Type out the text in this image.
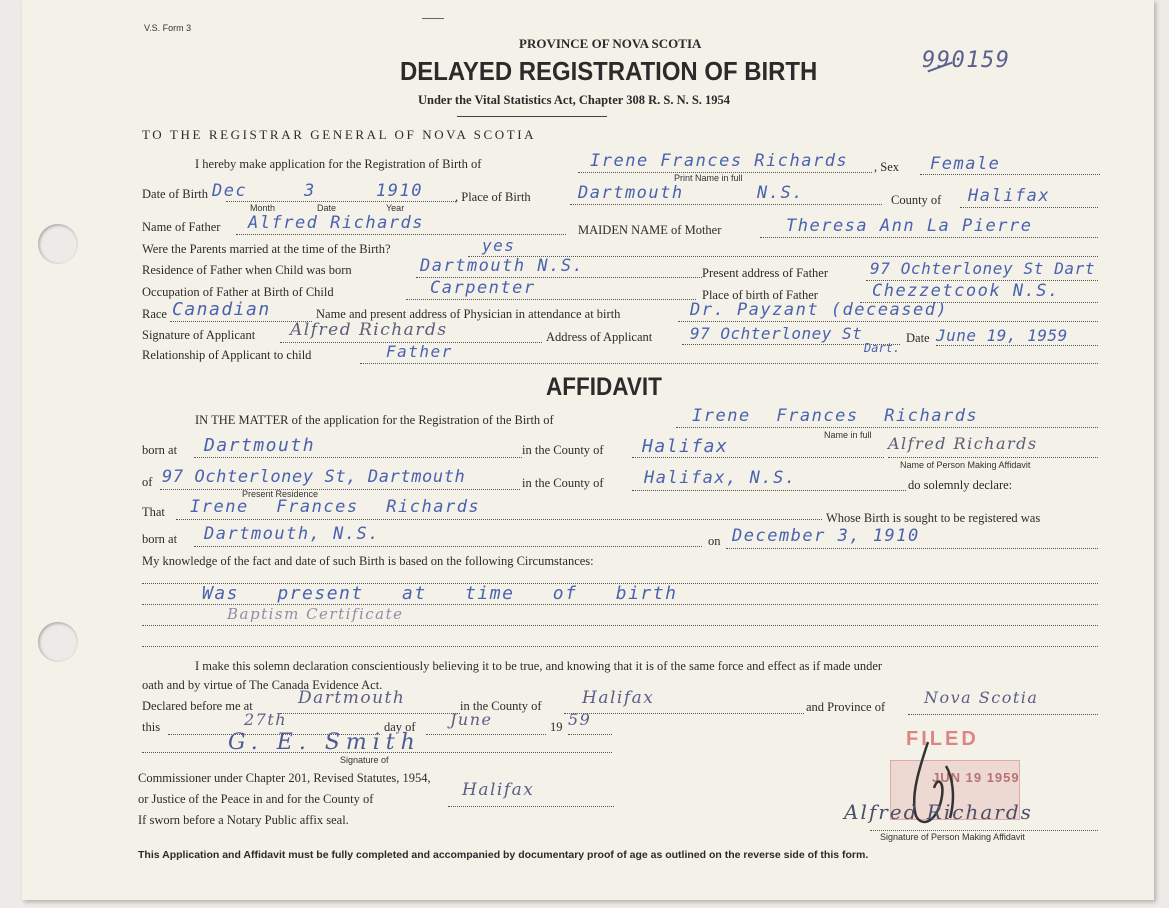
V.S. Form 3
PROVINCE OF NOVA SCOTIA
DELAYED REGISTRATION OF BIRTH
Under the Vital Statistics Act, Chapter 308 R. S. N. S. 1954
990159
TO THE REGISTRAR GENERAL OF NOVA SCOTIA
I hereby make application for the Registration of Birth of	Irene Frances Richards
Print Name in full
, Sex Female
Date of Birth Dec	3	1910
Month	Date	Year
, Place of Birth	Dartmouth	N.S.	County of Halifax
Name of Father Alfred Richards	MAIDEN NAME of Mother	Theresa Ann La Pierre
Were the Parents married at the time of the Birth?	yes
Residence of Father when Child was born	Dartmouth N.S.	Present address of Father	97 Ochterloney St Dart
Occupation of Father at Birth of Child	Carpenter	Place of birth of Father	Chezzetcook N.S.
Race Canadian	Name and present address of Physician in attendance at birth	Dr. Payzant (deceased)
Signature of Applicant Alfred Richards	Address of Applicant 97 Ochterloney St
Dart.
Date June 19, 1959
Relationship of Applicant to child	Father
AFFIDAVIT
IN THE MATTER of the application for the Registration of the Birth of	Irene Frances Richards
Name in full
born at Dartmouth	in the County of Halifax	Alfred Richards
Name of Person Making Affidavit
of 97 Ochterloney St, Dartmouth
Present Residence
in the County of Halifax, N.S.	do solemnly declare:
That Irene Frances Richards
Whose Birth is sought to be registered was
born at Dartmouth, N.S.	on December 3, 1910
My knowledge of the fact and date of such Birth is based on the following Circumstances:
Was present at time of birth
Baptism Certificate
I make this solemn declaration conscientiously believing it to be true, and knowing that it is of the same force and effect as if made under
oath and by virtue of The Canada Evidence Act.
Declared before me at	Dartmouth	in the County of Halifax	and Province of Nova Scotia
this	27th	day of June	19 59
G. E. Smith
Signature of
Commissioner under Chapter 201, Revised Statutes, 1954,
or Justice of the Peace in and for the County of	Halifax
If sworn before a Notary Public affix seal.
FILED
JUN 19 1959
Alfred Richards
Signature of Person Making Affidavit
This Application and Affidavit must be fully completed and accompanied by documentary proof of age as outlined on the reverse side of this form.
